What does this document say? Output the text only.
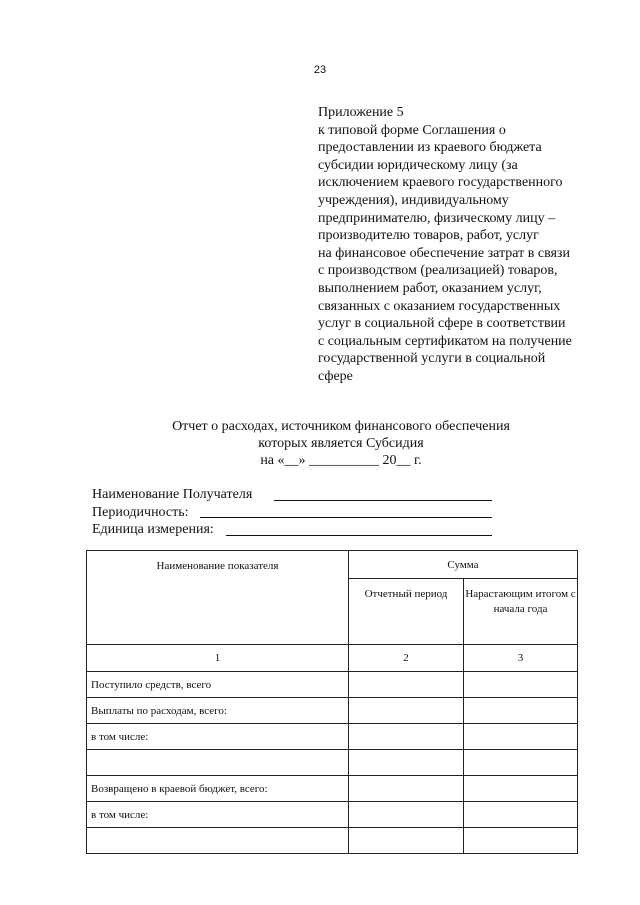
23
Приложение 5
к типовой форме Соглашения о
предоставлении из краевого бюджета
субсидии юридическому лицу (за
исключением краевого государственного
учреждения), индивидуальному
предпринимателю, физическому лицу –
производителю товаров, работ, услуг
на финансовое обеспечение затрат в связи
с производством (реализацией) товаров,
выполнением работ, оказанием услуг,
связанных с оказанием государственных
услуг в социальной сфере в соответствии
с социальным сертификатом на получение
государственной услуги в социальной
сфере
Отчет о расходах, источником финансового обеспечения
которых является Субсидия
на «__» __________ 20__ г.
Наименование Получателя
Периодичность:
Единица измерения:
Наименование показателя	Сумма	
	Отчетный период	Нарастающим итогом с начала года
1	2	3
Поступило средств, всего		
Выплаты по расходам, всего:		
в том числе:		

Возвращено в краевой бюджет, всего:		
в том числе:		
